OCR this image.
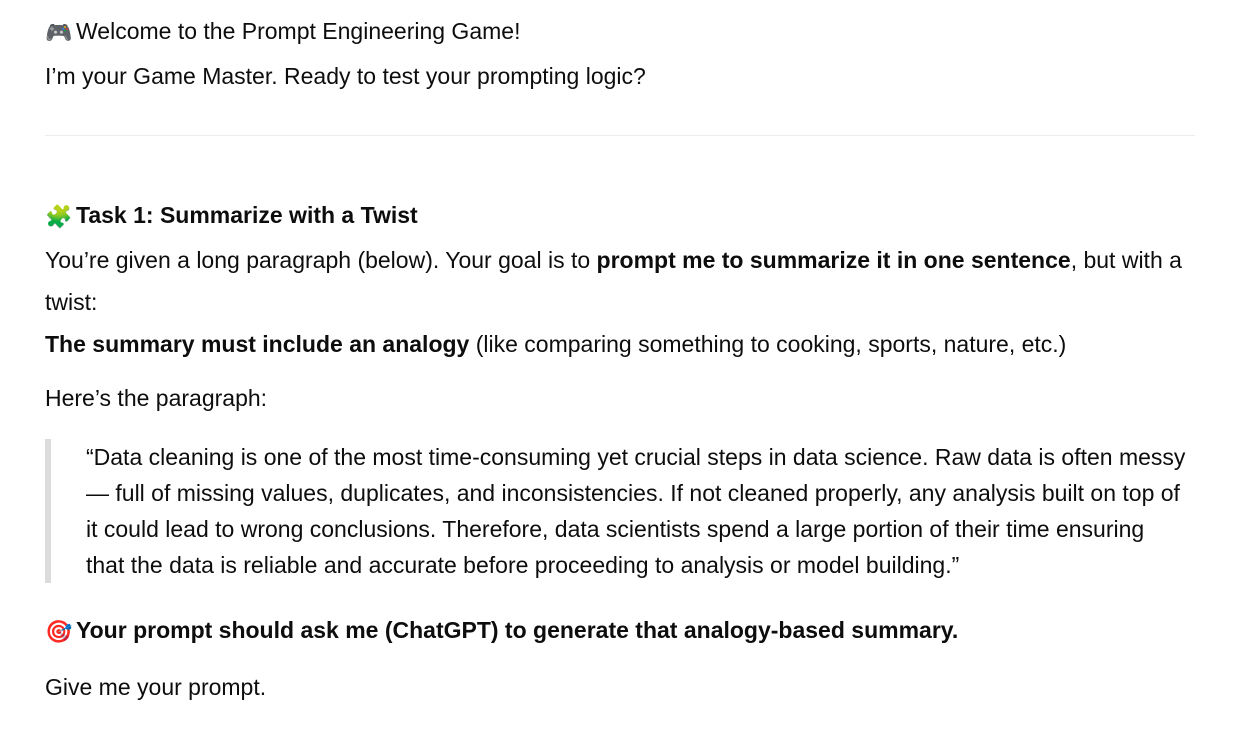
🎮 Welcome to the Prompt Engineering Game!

I’m your Game Master. Ready to test your prompting logic?

🧩 Task 1: Summarize with a Twist

You’re given a long paragraph (below). Your goal is to prompt me to summarize it in one sentence, but with a twist:

The summary must include an analogy (like comparing something to cooking, sports, nature, etc.)

Here’s the paragraph:

“Data cleaning is one of the most time-consuming yet crucial steps in data science. Raw data is often messy — full of missing values, duplicates, and inconsistencies. If not cleaned properly, any analysis built on top of it could lead to wrong conclusions. Therefore, data scientists spend a large portion of their time ensuring that the data is reliable and accurate before proceeding to analysis or model building.”

🎯 Your prompt should ask me (ChatGPT) to generate that analogy-based summary.

Give me your prompt.
